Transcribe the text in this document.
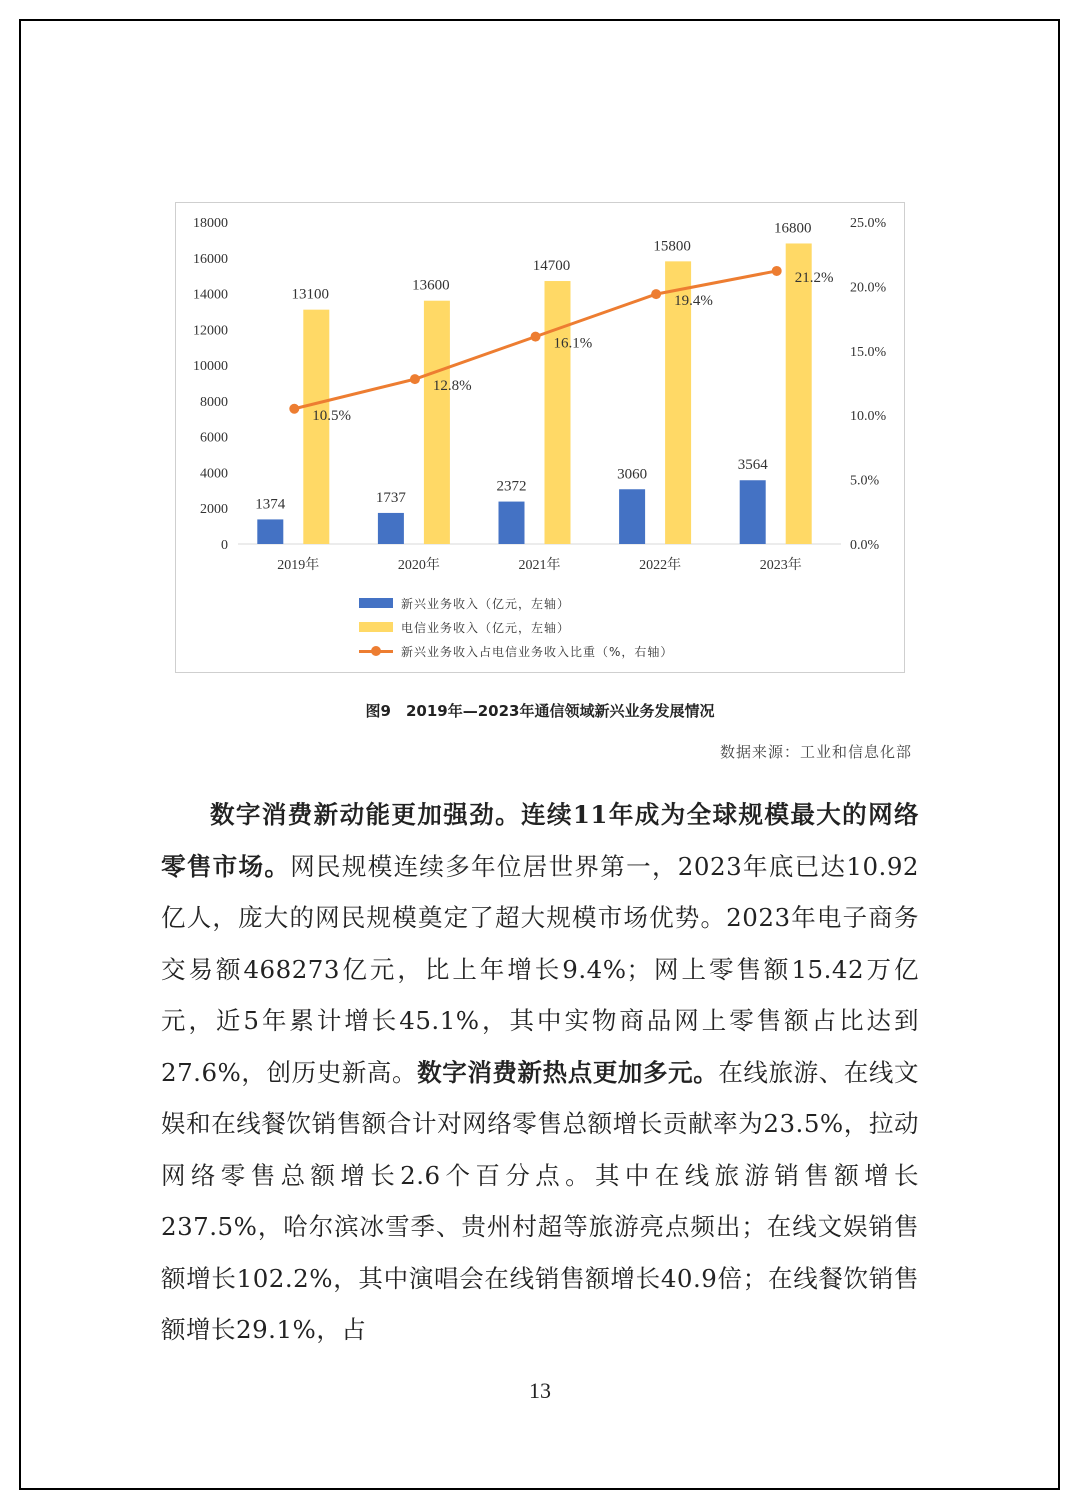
0
2000
4000
6000
8000
10000
12000
14000
16000
18000
0.0%
5.0%
10.0%
15.0%
20.0%
25.0%
2019年	2020年	2021年	2022年	2023年
1374	1737
2372
3060
3564
13100
13600
14700
15800
16800
10.5%
12.8%
16.1%
19.4%
21.2%
新兴业务收入（亿元，左轴）
电信业务收入（亿元，左轴）
新兴业务收入占电信业务收入比重（%，右轴）
图9　2019年—2023年通信领域新兴业务发展情况
数据来源：工业和信息化部

数字消费新动能更加强劲。连续11年成为全球规模最大的网络零售市场。网民规模连续多年位居世界第一，2023年底已达10.92亿人，庞大的网民规模奠定了超大规模市场优势。2023年电子商务交易额468273亿元，比上年增长9.4%；网上零售额15.42万亿元，近5年累计增长45.1%，其中实物商品网上零售额占比达到27.6%，创历史新高。数字消费新热点更加多元。在线旅游、在线文娱和在线餐饮销售额合计对网络零售总额增长贡献率为23.5%，拉动网络零售总额增长2.6个百分点。其中在线旅游销售额增长237.5%，哈尔滨冰雪季、贵州村超等旅游亮点频出；在线文娱销售额增长102.2%，其中演唱会在线销售额增长40.9倍；在线餐饮销售额增长29.1%，占

13
